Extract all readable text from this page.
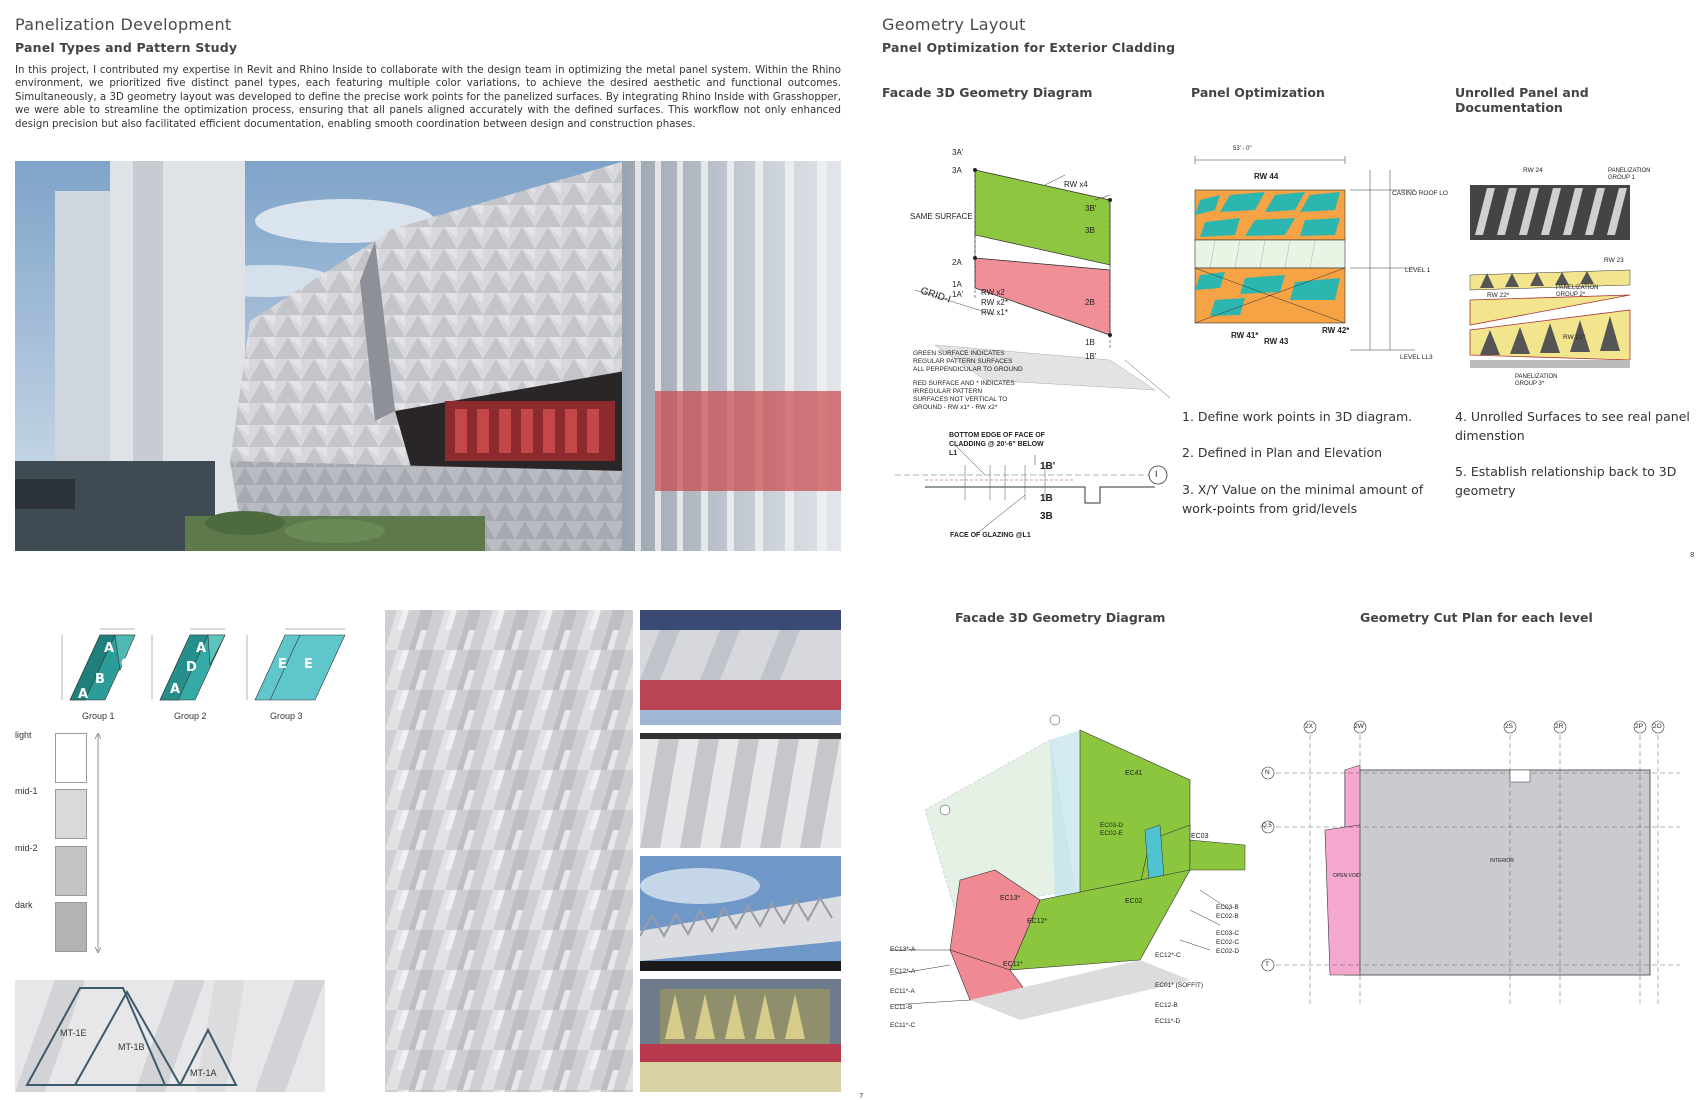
Panelization Development
Panel Types and Pattern Study
In this project, I contributed my expertise in Revit and Rhino Inside to collaborate with the design team in optimizing the metal panel system. Within the Rhino environment, we prioritized five distinct panel types, each featuring multiple color variations, to achieve the desired aesthetic and functional outcomes. Simultaneously, a 3D geometry layout was developed to define the precise work points for the panelized surfaces. By integrating Rhino Inside with Grasshopper, we were able to streamline the optimization process, ensuring that all panels aligned accurately with the defined surfaces. This workflow not only enhanced design precision but also facilitated efficient documentation, enabling smooth coordination between design and construction phases.
A
B
C
A
A
D E
A
E E
Group 1	Group 2	Group 3
light
mid-1
mid-2
dark
MT-1E
MT-1B
MT-1A
7
Geometry Layout
Panel Optimization for Exterior Cladding
Facade 3D Geometry Diagram	Panel Optimization	Unrolled Panel and Documentation
RW x4
SAME SURFACE
RW x2
RW x2*
RW x1*
GRID-I
3A'
3A
2A
1A
1A'
3B'
3B
2B
1B
1B'
GREEN SURFACE INDICATES REGULAR PATTERN SURFACES ALL PERPENDICULAR TO GROUND
RED SURFACE AND * INDICATES IRREGULAR PATTERN SURFACES NOT VERTICAL TO GROUND - RW x1* - RW x2*
BOTTOM EDGE OF FACE OF CLADDING @ 20'-6" BELOW L1
FACE OF GLAZING @L1
1B'
1B
3B
I
53' - 0"
RW 44
RW 41*
RW 42*
RW 43
CASINO ROOF LO
LEVEL 1
LEVEL LL3
RW 24
RW 23
RW 22*
RW 21*
PANELIZATION GROUP 1
PANELIZATION GROUP 2*
PANELIZATION GROUP 3*
1. Define work points in 3D diagram.
2. Defined in Plan and Elevation
3. X/Y Value on the minimal amount of work-points from grid/levels
4. Unrolled Surfaces to see real panel dimenstion
5. Establish relationship back to 3D geometry
8
Facade 3D Geometry Diagram	Geometry Cut Plan for each level
EC41
EC13*
EC12*
EC11*
EC02
EC03
EC03-D
EC02-E
EC03-B
EC02-B
EC03-C
EC02-C
EC02-D
EC12*-C
EC01* (SOFFIT)
EC12-B
EC11*-D
EC13*-A
EC12*-A
EC11*-A
EC11-B
EC11*-C
2X	2W	2S	2R	2P 2O
N
Q.5
T
INTERIOR
OPEN VOID
